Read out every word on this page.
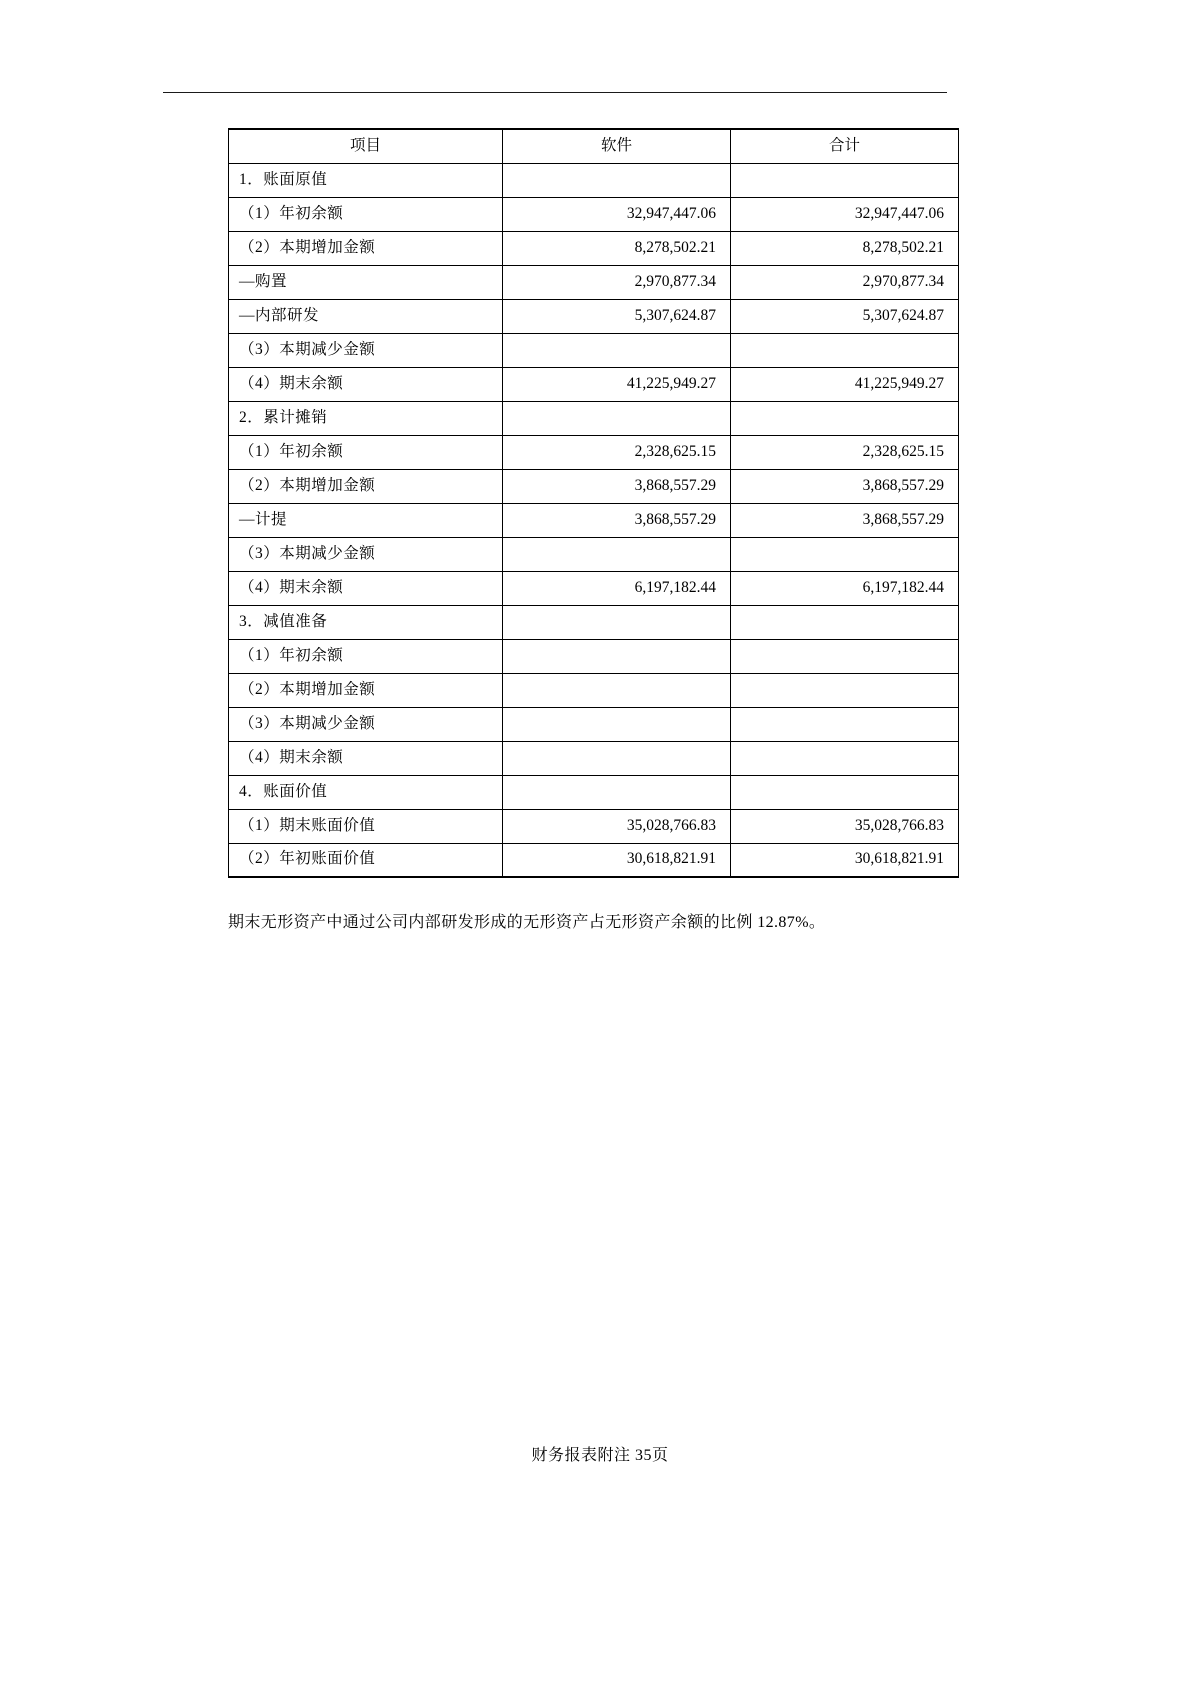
项目	软件	合计
1．账面原值		
（1）年初余额	32,947,447.06	32,947,447.06
（2）本期增加金额	8,278,502.21	8,278,502.21
—购置	2,970,877.34	2,970,877.34
—内部研发	5,307,624.87	5,307,624.87
（3）本期减少金额		
（4）期末余额	41,225,949.27	41,225,949.27
2．累计摊销		
（1）年初余额	2,328,625.15	2,328,625.15
（2）本期增加金额	3,868,557.29	3,868,557.29
—计提	3,868,557.29	3,868,557.29
（3）本期减少金额		
（4）期末余额	6,197,182.44	6,197,182.44
3．减值准备		
（1）年初余额		
（2）本期增加金额		
（3）本期减少金额		
（4）期末余额		
4．账面价值		
（1）期末账面价值	35,028,766.83	35,028,766.83
（2）年初账面价值	30,618,821.91	30,618,821.91
期末无形资产中通过公司内部研发形成的无形资产占无形资产余额的比例 12.87%。
财务报表附注 35页
